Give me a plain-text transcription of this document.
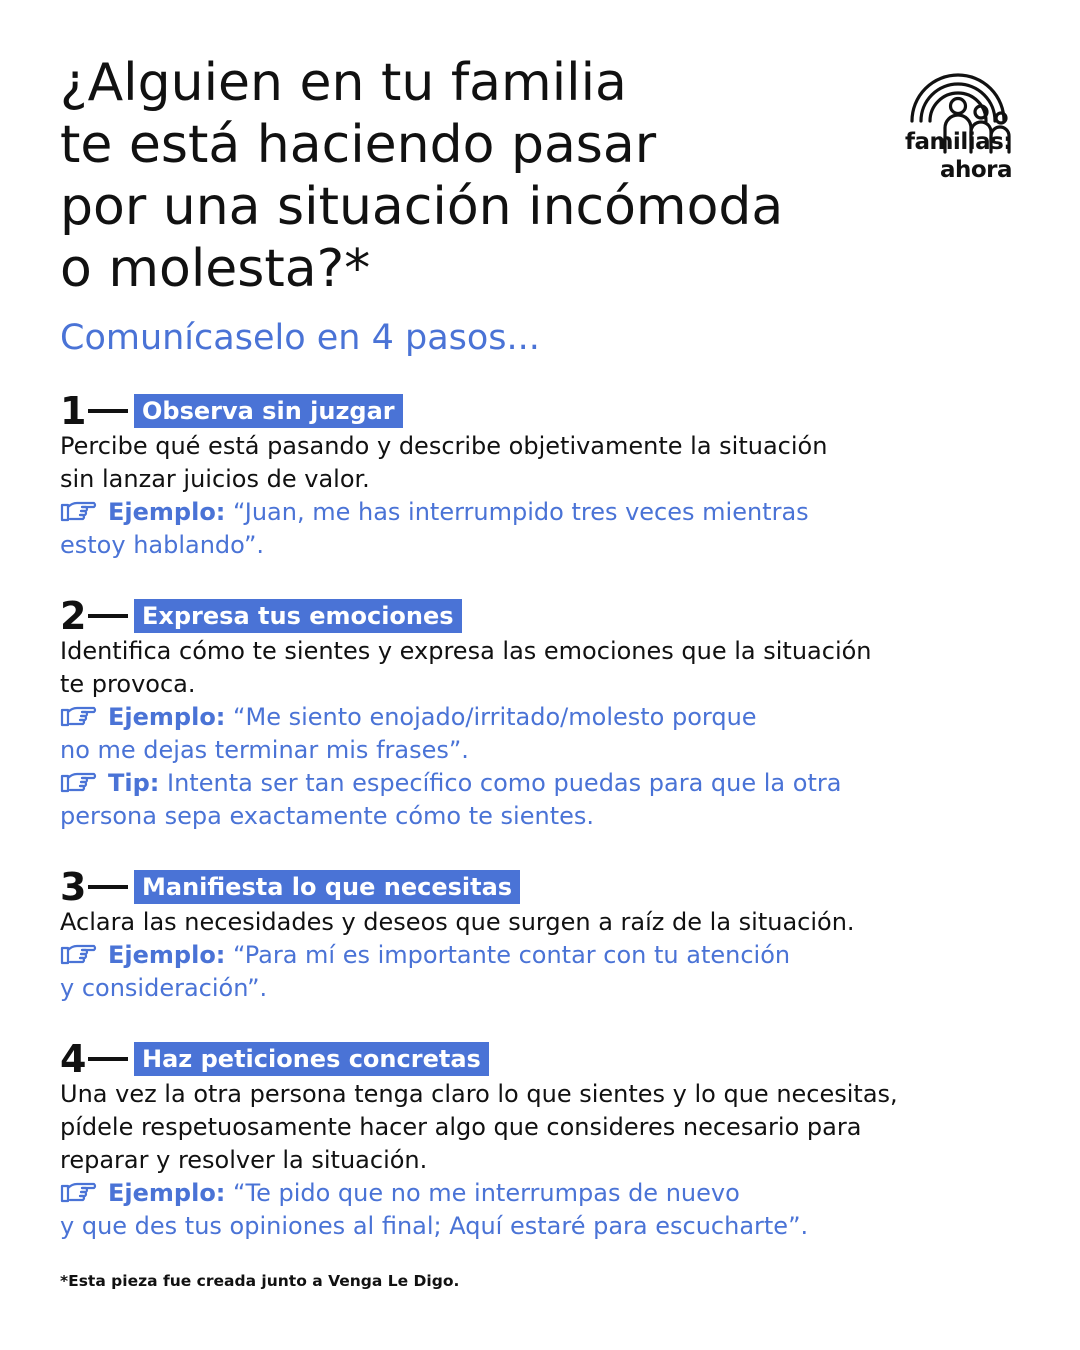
¿Alguien en tu familia
te está haciendo pasar
por una situación incómoda
o molesta?*
familias:
ahora
Comunícaselo en 4 pasos...
1	Observa sin juzgar
Percibe qué está pasando y describe objetivamente la situación
sin lanzar juicios de valor.
Ejemplo: “Juan, me has interrumpido tres veces mientras
estoy hablando”.
2	Expresa tus emociones
Identifica cómo te sientes y expresa las emociones que la situación
te provoca.
Ejemplo: “Me siento enojado/irritado/molesto porque
no me dejas terminar mis frases”.
Tip: Intenta ser tan específico como puedas para que la otra
persona sepa exactamente cómo te sientes.
3	Manifiesta lo que necesitas
Aclara las necesidades y deseos que surgen a raíz de la situación.
Ejemplo: “Para mí es importante contar con tu atención
y consideración”.
4	Haz peticiones concretas
Una vez la otra persona tenga claro lo que sientes y lo que necesitas,
pídele respetuosamente hacer algo que consideres necesario para
reparar y resolver la situación.
Ejemplo: “Te pido que no me interrumpas de nuevo
y que des tus opiniones al final; Aquí estaré para escucharte”.

*Esta pieza fue creada junto a Venga Le Digo.
